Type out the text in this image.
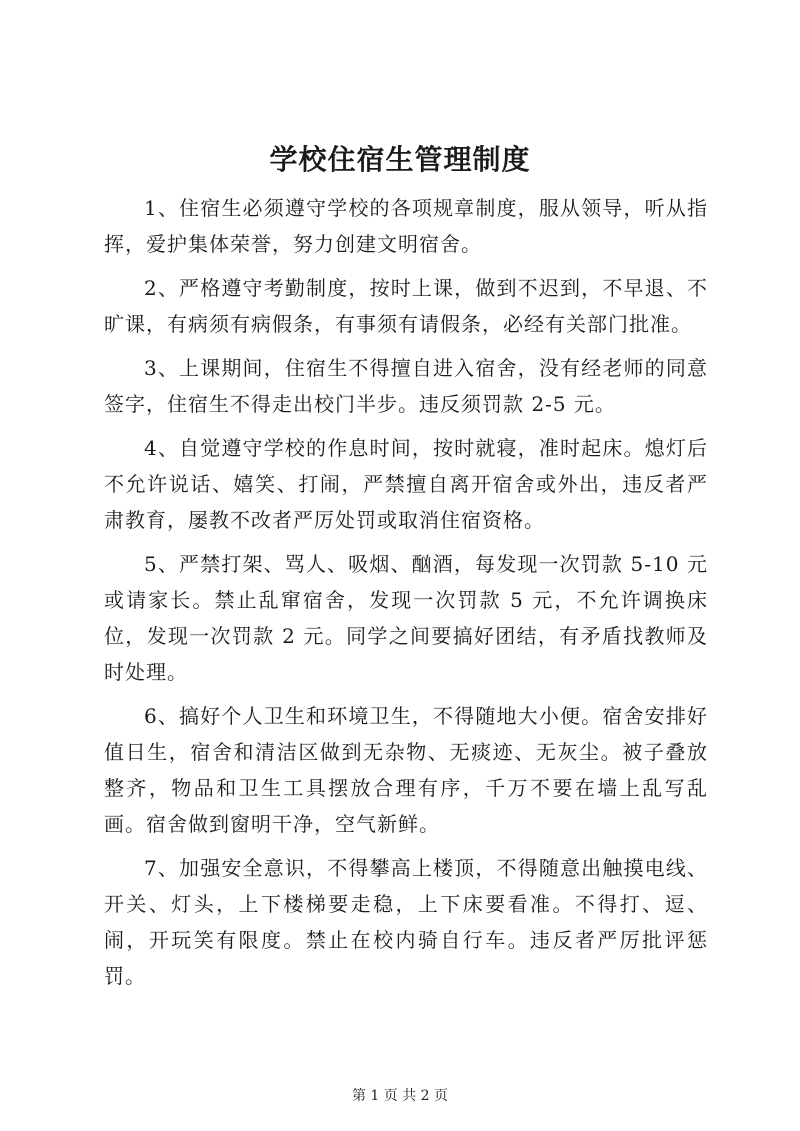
学校住宿生管理制度

1、住宿生必须遵守学校的各项规章制度，服从领导，听从指挥，爱护集体荣誉，努力创建文明宿舍。

2、严格遵守考勤制度，按时上课，做到不迟到，不早退、不旷课，有病须有病假条，有事须有请假条，必经有关部门批准。

3、上课期间，住宿生不得擅自进入宿舍，没有经老师的同意签字，住宿生不得走出校门半步。违反须罚款 2-5 元。

4、自觉遵守学校的作息时间，按时就寝，准时起床。熄灯后不允许说话、嬉笑、打闹，严禁擅自离开宿舍或外出，违反者严肃教育，屡教不改者严厉处罚或取消住宿资格。

5、严禁打架、骂人、吸烟、酗酒，每发现一次罚款 5-10 元或请家长。禁止乱窜宿舍，发现一次罚款 5 元，不允许调换床位，发现一次罚款 2 元。同学之间要搞好团结，有矛盾找教师及时处理。

6、搞好个人卫生和环境卫生，不得随地大小便。宿舍安排好值日生，宿舍和清洁区做到无杂物、无痰迹、无灰尘。被子叠放整齐，物品和卫生工具摆放合理有序，千万不要在墙上乱写乱画。宿舍做到窗明干净，空气新鲜。

7、加强安全意识，不得攀高上楼顶，不得随意出触摸电线、开关、灯头，上下楼梯要走稳，上下床要看准。不得打、逗、闹，开玩笑有限度。禁止在校内骑自行车。违反者严厉批评惩罚。

第 1 页 共 2 页
